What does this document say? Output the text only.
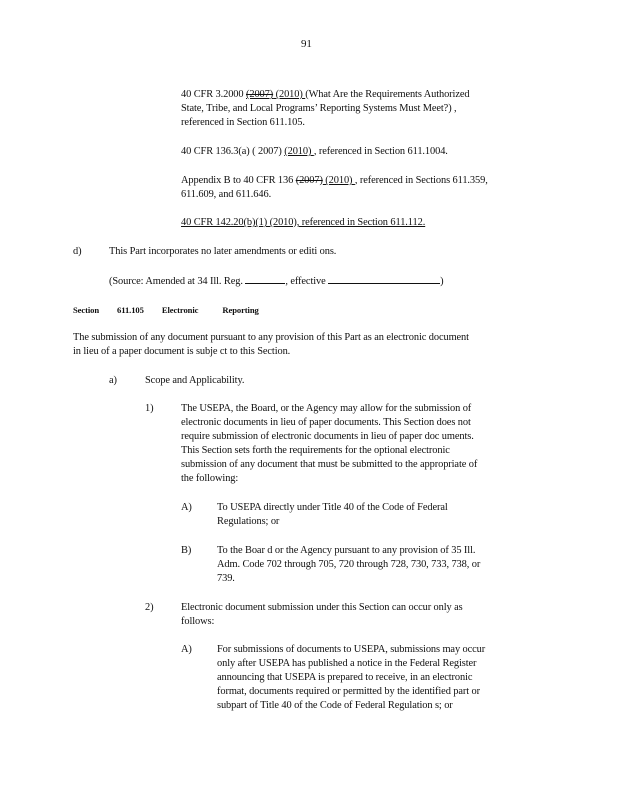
91
40 CFR 3.2000 (2007) (2010) (What Are the Requirements Authorized
State, Tribe, and Local Programs’ Reporting Systems Must Meet?) ,
referenced in Section 611.105.
40 CFR 136.3(a) ( 2007) (2010) , referenced in Section 611.1004.
Appendix B to 40 CFR 136 (2007) (2010) , referenced in Sections 611.359,
611.609, and 611.646.
40 CFR 142.20(b)(1) (2010), referenced in Section 611.112.
d)	This Part incorporates no later amendments or editi ons.
(Source: Amended at 34 Ill. Reg.	, effective	)
Section 611.105 Electronic	Reporting
The submission of any document pursuant to any provision of this Part as an electronic document
in lieu of a paper document is subje ct to this Section.
a)	Scope and Applicability.
1)	The USEPA, the Board, or the Agency may allow for the submission of
electronic documents in lieu of paper documents. This Section does not
require submission of electronic documents in lieu of paper doc uments.
This Section sets forth the requirements for the optional electronic
submission of any document that must be submitted to the appropriate of
the following:
A) To USEPA directly under Title 40 of the Code of Federal
Regulations; or
B) To the Boar d or the Agency pursuant to any provision of 35 Ill.
Adm. Code 702 through 705, 720 through 728, 730, 733, 738, or
739.
2)	Electronic document submission under this Section can occur only as
follows:
A) For submissions of documents to USEPA, submissions may occur
only after USEPA has published a notice in the Federal Register
announcing that USEPA is prepared to receive, in an electronic
format, documents required or permitted by the identified part or
subpart of Title 40 of the Code of Federal Regulation s; or
